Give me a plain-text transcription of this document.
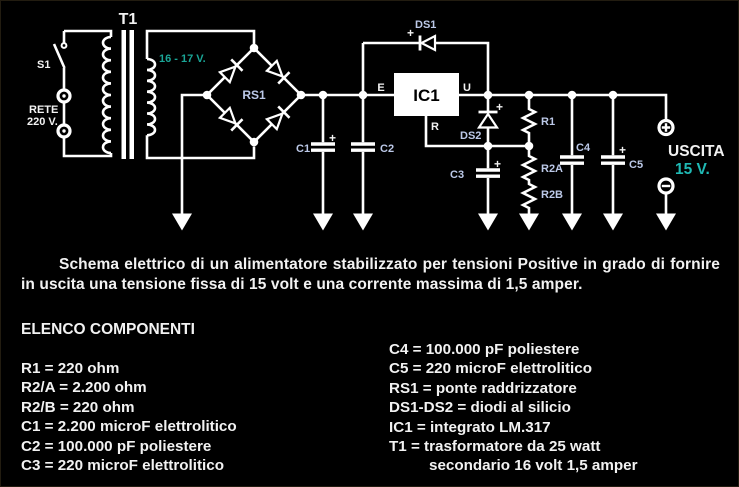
IC1
T1
S1
RETE
220 V.
16 - 17 V.
RS1
DS1
+
DS2
+
E	U
R
C1
+
C2
C3
+
C4
C5
+
R1
R2A
R2B
USCITA
15 V.

Schema elettrico di un alimentatore stabilizzato per tensioni Positive in grado di fornire in uscita una tensione fissa di 15 volt e una corrente massima di 1,5 amper.

ELENCO COMPONENTI
R1 = 220 ohm
R2/A = 2.200 ohm
R2/B = 220 ohm
C1 = 2.200 microF elettrolitico
C2 = 100.000 pF poliestere
C3 = 220 microF elettrolitico
C4 = 100.000 pF poliestere
C5 = 220 microF elettrolitico
RS1 = ponte raddrizzatore
DS1-DS2 = diodi al silicio
IC1 = integrato LM.317
T1 = trasformatore da 25 watt
secondario 16 volt 1,5 amper
